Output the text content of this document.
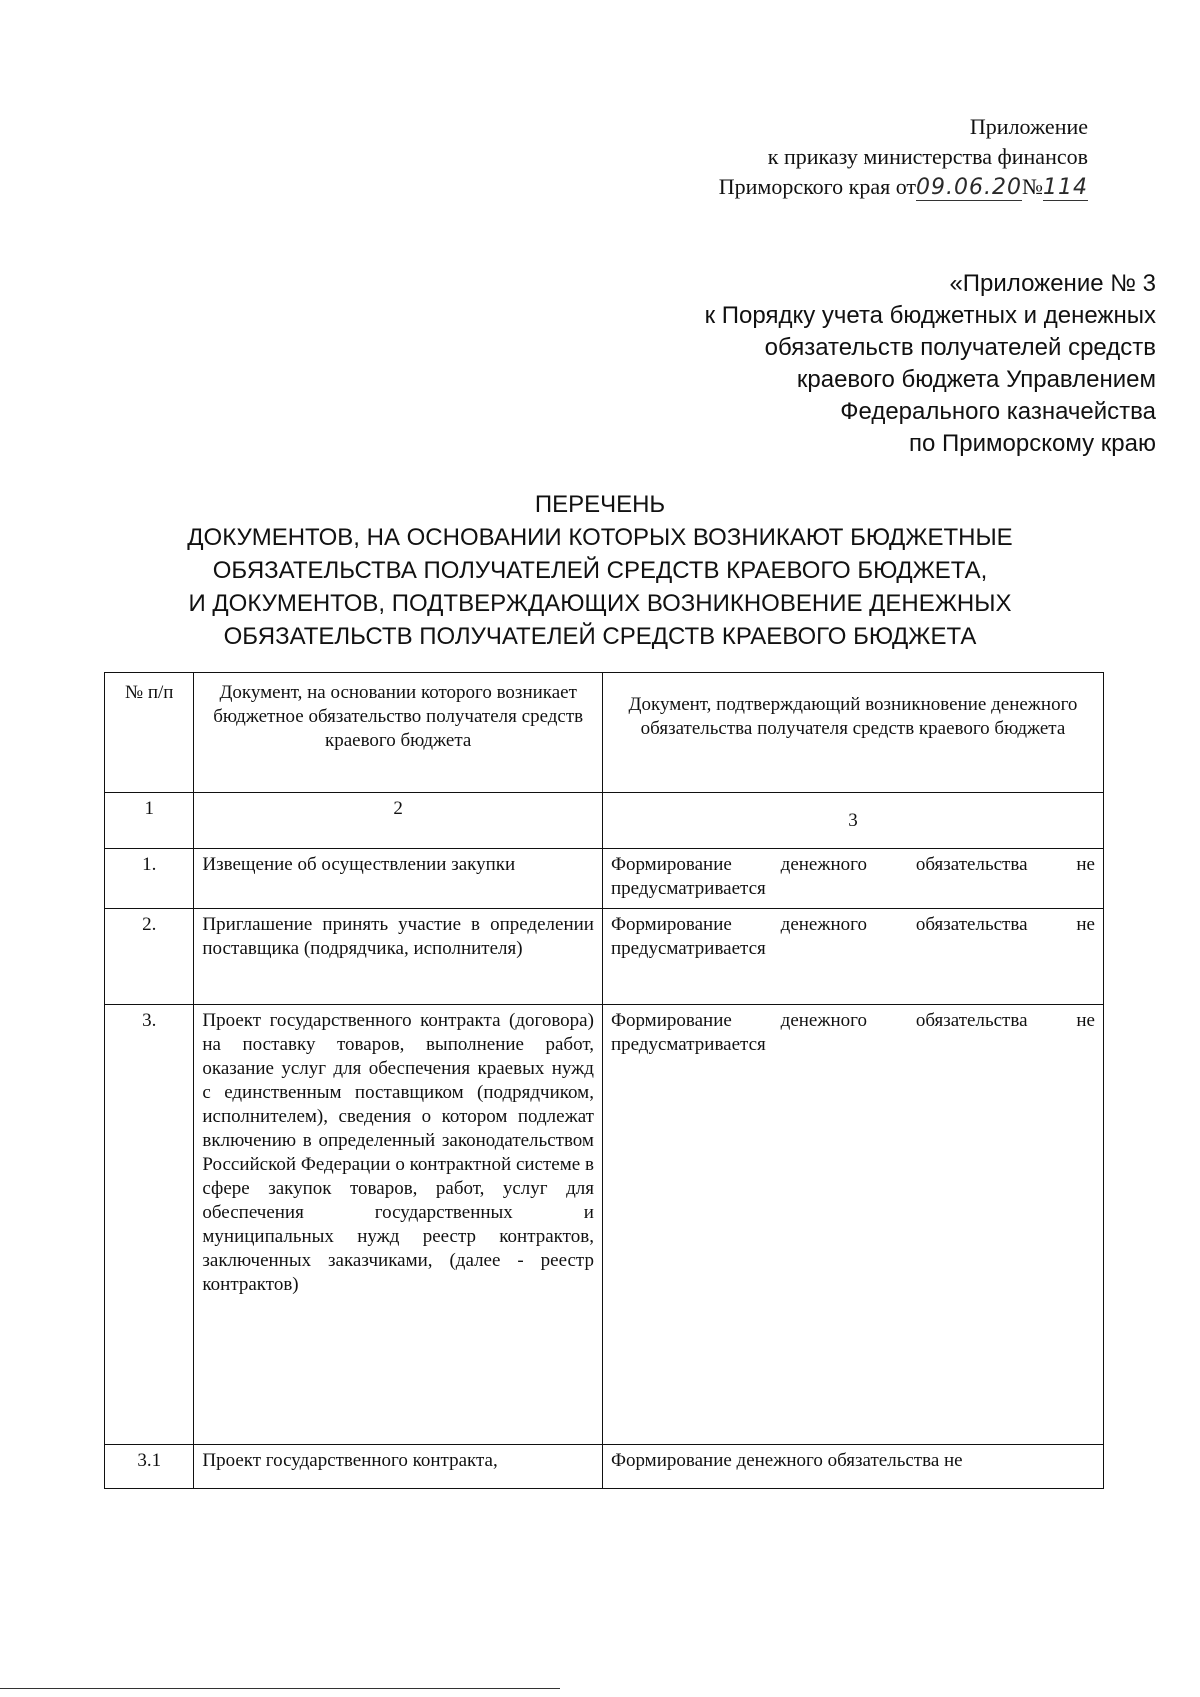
Приложение
к приказу министерства финансов
Приморского края от09.06.20№114
«Приложение № 3
к Порядку учета бюджетных и денежных
обязательств получателей средств
краевого бюджета Управлением
Федерального казначейства
по Приморскому краю
ПЕРЕЧЕНЬ
ДОКУМЕНТОВ, НА ОСНОВАНИИ КОТОРЫХ ВОЗНИКАЮТ БЮДЖЕТНЫЕ
ОБЯЗАТЕЛЬСТВА ПОЛУЧАТЕЛЕЙ СРЕДСТВ КРАЕВОГО БЮДЖЕТА,
И ДОКУМЕНТОВ, ПОДТВЕРЖДАЮЩИХ ВОЗНИКНОВЕНИЕ ДЕНЕЖНЫХ
ОБЯЗАТЕЛЬСТВ ПОЛУЧАТЕЛЕЙ СРЕДСТВ КРАЕВОГО БЮДЖЕТА
№ п/п	Документ, на основании которого возникает бюджетное обязательство получателя средств краевого бюджета	Документ, подтверждающий возникновение денежного обязательства получателя средств краевого бюджета
1	2	3
1.	Извещение об осуществлении закупки	Формирование денежного обязательства не предусматривается
2.	Приглашение принять участие в определении поставщика (подрядчика, исполнителя)	Формирование денежного обязательства не предусматривается
3.	Проект государственного контракта (договора) на поставку товаров, выполнение работ, оказание услуг для обеспечения краевых нужд с единственным поставщиком (подрядчиком, исполнителем), сведения о котором подлежат включению в определенный законодательством Российской Федерации о контрактной системе в сфере закупок товаров, работ, услуг для обеспечения государственных и муниципальных нужд реестр контрактов, заключенных заказчиками, (далее - реестр контрактов)	Формирование денежного обязательства не предусматривается
3.1	Проект государственного контракта,	Формирование денежного обязательства не
